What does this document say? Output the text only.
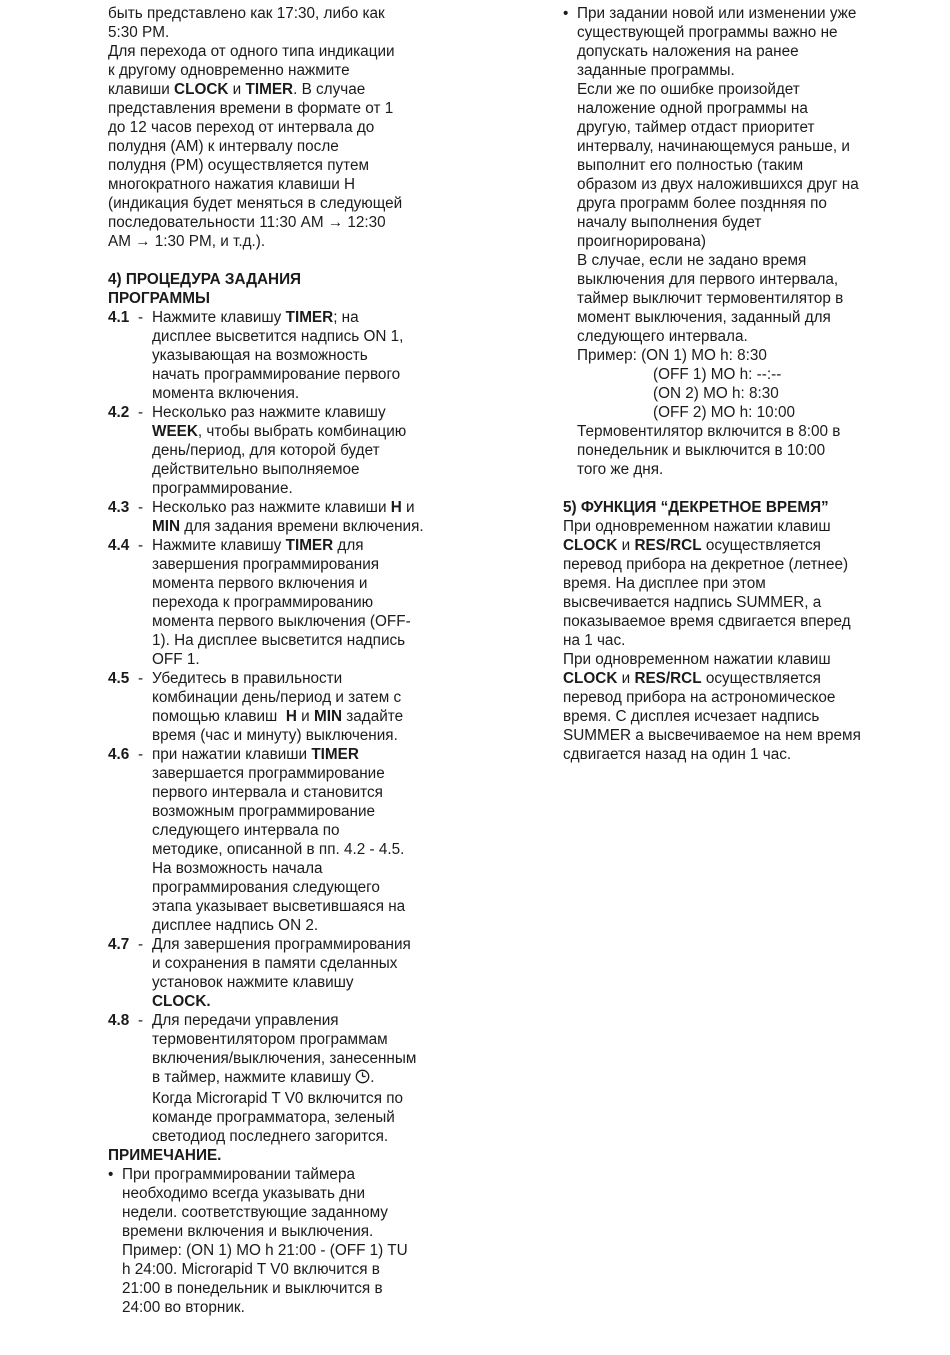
быть представлено как 17:30, либо как

5:30 PM.

Для перехода от одного типа индикации

к другому одновременно нажмите

клавиши CLOCK и TIMER. В случае

представления времени в формате от 1

до 12 часов переход от интервала до

полудня (AM) к интервалу после

полудня (PM) осуществляется путем

многократного нажатия клавиши H

(индикация будет меняться в следующей

последовательности 11:30 AM → 12:30

AM → 1:30 PM, и т.д.).

4) ПРОЦЕДУРА ЗАДАНИЯ

ПРОГРАММЫ

4.1 - Нажмите клавишу TIMER; на

дисплее высветится надпись ON 1,

указывающая на возможность

начать программирование первого

момента включения.

4.2 - Несколько раз нажмите клавишу

WEEK, чтобы выбрать комбинацию

день/период, для которой будет

действительно выполняемое

программирование.

4.3 - Несколько раз нажмите клавиши H и

MIN для задания времени включения.

4.4 - Нажмите клавишу TIMER для

завершения программирования

момента первого включения и

перехода к программированию

момента первого выключения (OFF-

1). На дисплее высветится надпись

OFF 1.

4.5 - Убедитесь в правильности

комбинации день/период и затем с

помощью клавиш  H и MIN задайте

время (час и минуту) выключения.

4.6 - при нажатии клавиши TIMER

завершается программирование

первого интервала и становится

возможным программирование

следующего интервала по

методике, описанной в пп. 4.2 - 4.5.

На возможность начала

программирования следующего

этапа указывает высветившаяся на

дисплее надпись ON 2.

4.7 - Для завершения программирования

и сохранения в памяти сделанных

установок нажмите клавишу

CLOCK.

4.8 - Для передачи управления

термовентилятором программам

включения/выключения, занесенным

в таймер, нажмите клавишу .

Когда Microrapid T V0 включится по

команде программатора, зеленый

светодиод последнего загорится.

ПРИМЕЧАНИЕ.

• При программировании таймера

необходимо всегда указывать дни

недели. соответствующие заданному

времени включения и выключения.

Пример: (ON 1) MO h 21:00 - (OFF 1) TU

h 24:00. Microrapid T V0 включится в

21:00 в понедельник и выключится в

24:00 во вторник.

• При задании новой или изменении уже

существующей программы важно не

допускать наложения на ранее

заданные программы.

Если же по ошибке произойдет

наложение одной программы на

другую, таймер отдаст приоритет

интервалу, начинающемуся раньше, и

выполнит его полностью (таким

образом из двух наложившихся друг на

друга программ более позднняя по

началу выполнения будет

проигнорирована)

В случае, если не задано время

выключения для первого интервала,

таймер выключит термовентилятор в

момент выключения, заданный для

следующего интервала.

Пример: (ON 1) MO h: 8:30

(OFF 1) MO h: --:--

(ON 2) MO h: 8:30

(OFF 2) MO h: 10:00

Термовентилятор включится в 8:00 в

понедельник и выключится в 10:00

того же дня.

5) ФУНКЦИЯ “ДЕКРЕТНОЕ ВРЕМЯ”

При одновременном нажатии клавиш

CLOCK и RES/RCL осуществляется

перевод прибора на декретное (летнее)

время. На дисплее при этом

высвечивается надпись SUMMER, а

показываемое время сдвигается вперед

на 1 час.

При одновременном нажатии клавиш

CLOCK и RES/RCL осуществляется

перевод прибора на астрономическое

время. С дисплея исчезает надпись

SUMMER а высвечиваемое на нем время

сдвигается назад на один 1 час.
